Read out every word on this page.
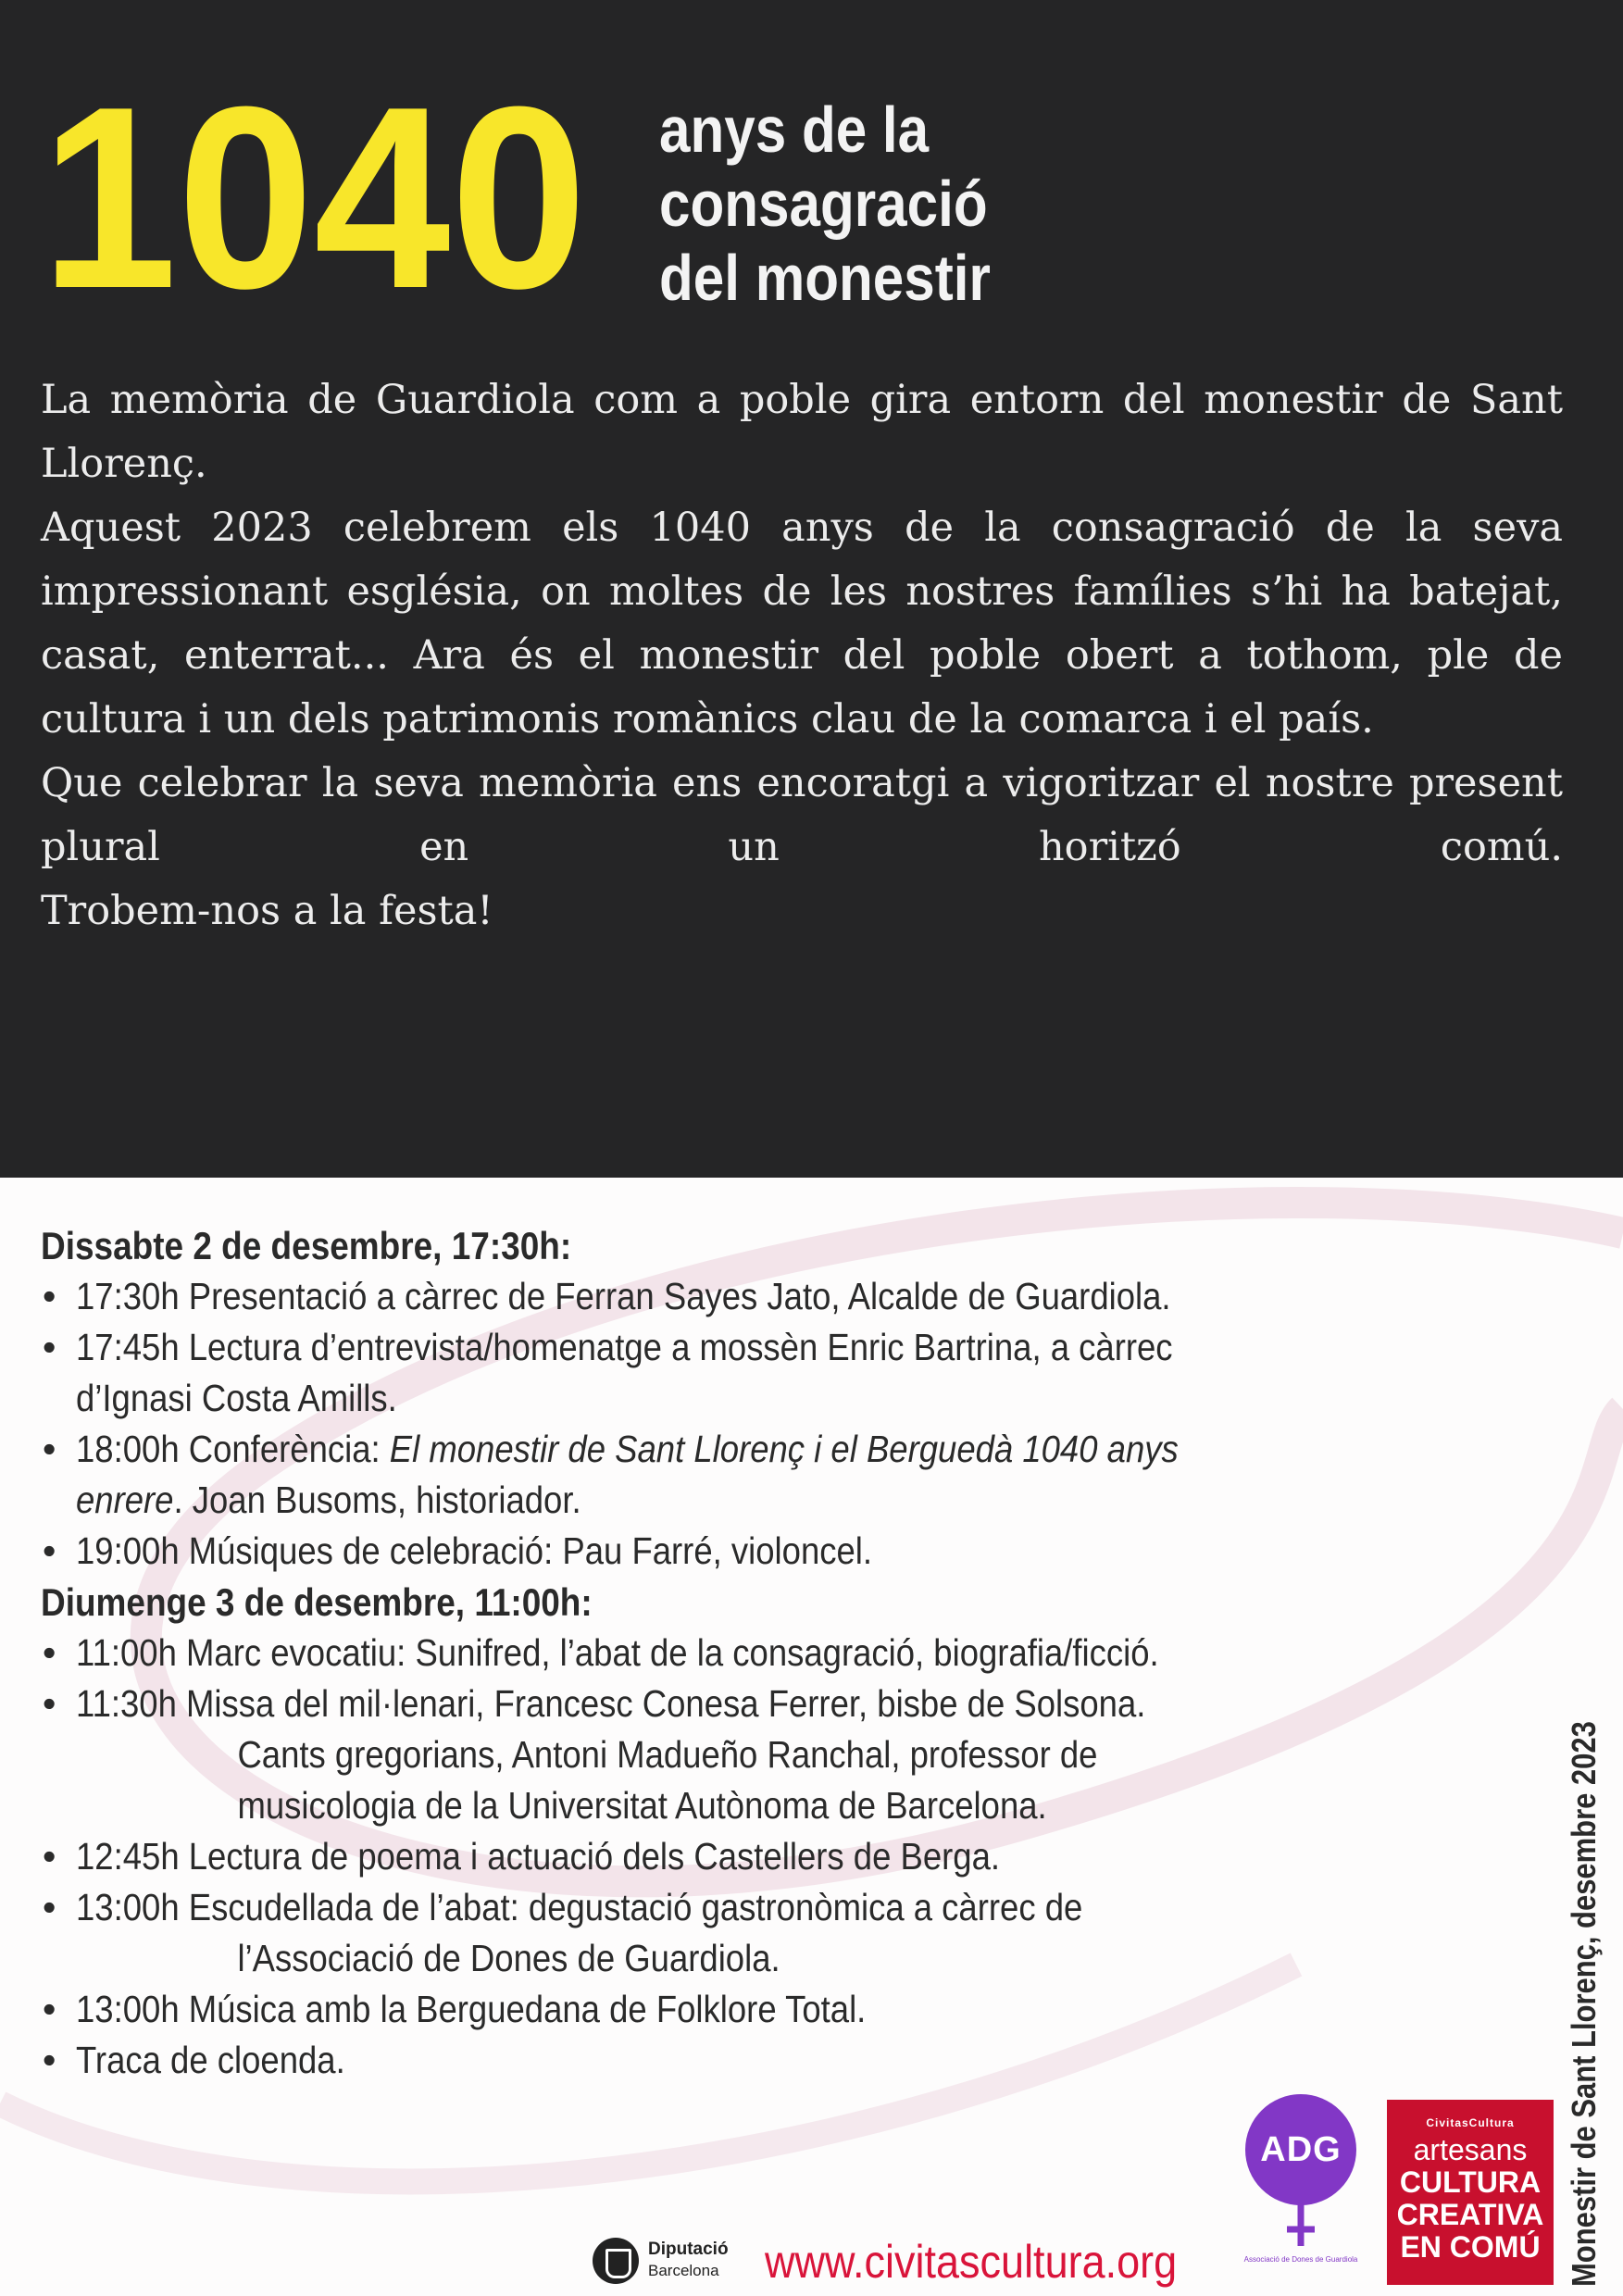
1040 anys de la
consagració
del monestir

La memòria de Guardiola com a poble gira entorn del monestir de Sant Llorenç.

Aquest 2023 celebrem els 1040 anys de la consagració de la seva impressionant església, on moltes de les nostres famílies s’hi ha batejat, casat, enterrat... Ara és el monestir del poble obert a tothom, ple de cultura i un dels patrimonis romànics clau de la comarca i el país.

Que celebrar la seva memòria ens encoratgi a vigoritzar el nostre present plural en un horitzó comú.

Trobem-nos a la festa!

Dissabte 2 de desembre, 17:30h:
• 17:30h Presentació a càrrec de Ferran Sayes Jato, Alcalde de Guardiola.
• 17:45h Lectura d’entrevista/homenatge a mossèn Enric Bartrina, a càrrec
d’Ignasi Costa Amills.
• 18:00h Conferència: El monestir de Sant Llorenç i el Berguedà 1040 anys
enrere. Joan Busoms, historiador.
• 19:00h Músiques de celebració: Pau Farré, violoncel.
Diumenge 3 de desembre, 11:00h:
• 11:00h Marc evocatiu: Sunifred, l’abat de la consagració, biografia/ficció.
• 11:30h Missa del mil·lenari, Francesc Conesa Ferrer, bisbe de Solsona.
Cants gregorians, Antoni Madueño Ranchal, professor de
musicologia de la Universitat Autònoma de Barcelona.
• 12:45h Lectura de poema i actuació dels Castellers de Berga.
• 13:00h Escudellada de l’abat: degustació gastronòmica a càrrec de
l’Associació de Dones de Guardiola.
• 13:00h Música amb la Berguedana de Folklore Total.
• Traca de cloenda.	Monestir de Sant Llorenç, desembre 2023
ADG
Associació de Dones de Guardiola
CivitasCultura
artesans
CULTURA
CREATIVA
EN COMÚ
Diputació
Barcelona www.civitascultura.org
